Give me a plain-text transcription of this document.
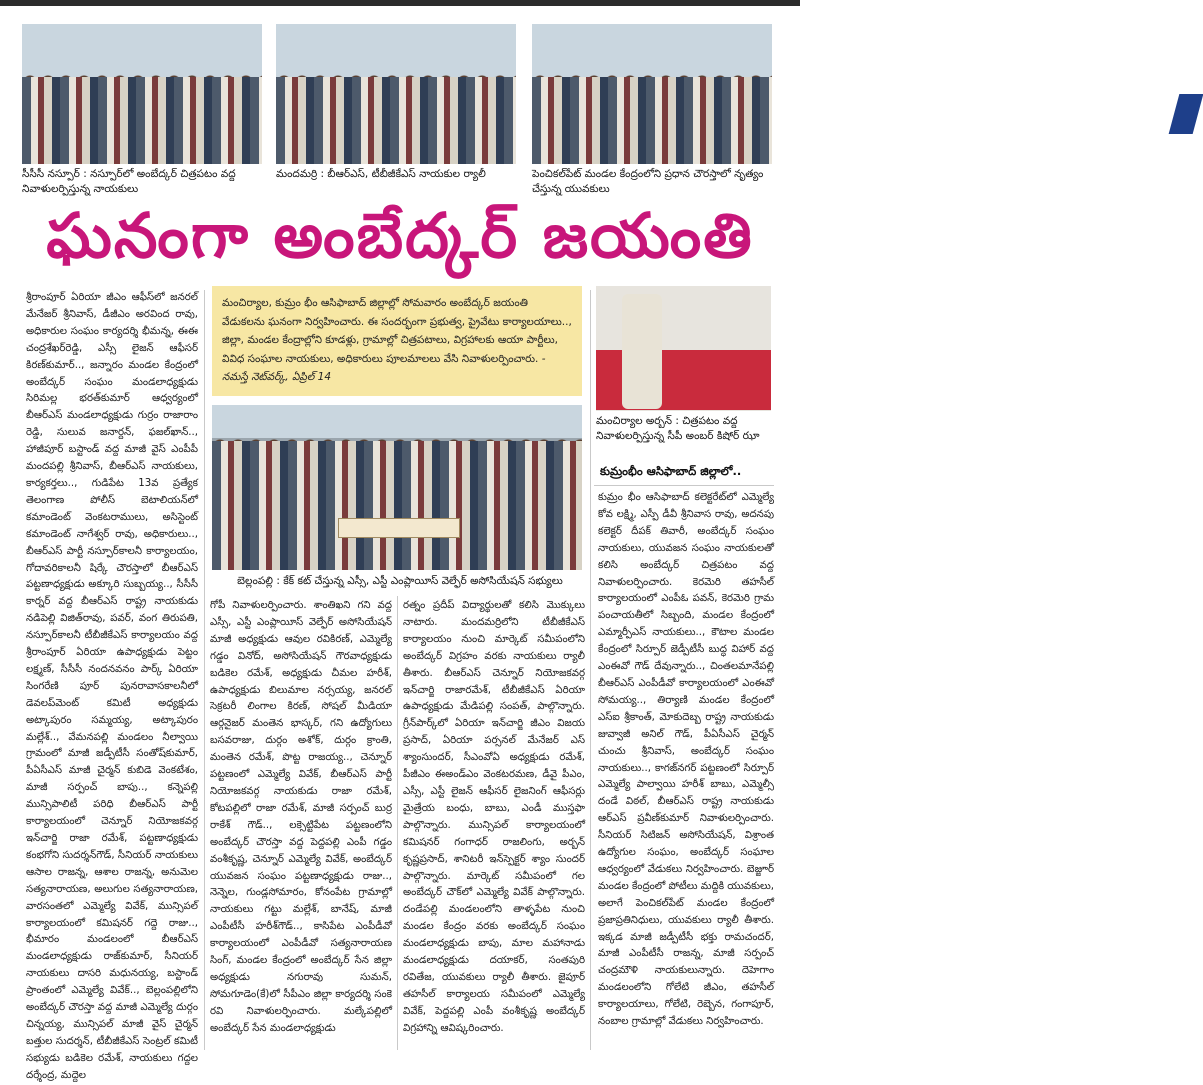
సీసీసీ నస్పూర్ : నస్పూర్‌లో అంబేద్కర్ చిత్రపటం వద్ద నివాళులర్పిస్తున్న నాయకులు
మందమర్రి : బీఆర్ఎస్, టీబీజీకేఎస్ నాయకుల ర్యాలీ	పెంచికల్‌పేట్ మండల కేంద్రంలోని ప్రధాన చౌరస్తాలో నృత్యం చేస్తున్న యువకులు
ఘనంగా అంబేద్కర్ జయంతి
మంచిర్యాల, కుమ్రం భీం ఆసిఫాబాద్ జిల్లాల్లో సోమవారం అంబేద్కర్ జయంతి వేడుకలను ఘనంగా నిర్వహించారు. ఈ సందర్భంగా ప్రభుత్వ, ప్రైవేటు కార్యాలయాలు.., జిల్లా, మండల కేంద్రాల్లోని కూడళ్లు, గ్రామాల్లో చిత్రపటాలు, విగ్రహాలకు ఆయా పార్టీలు, వివిధ సంఘాల నాయకులు, అధికారులు పూలమాలలు వేసి నివాళులర్పించారు. - నమస్తే నెట్‌వర్క్, ఏప్రిల్ 14
బెల్లంపల్లి : కేక్ కట్ చేస్తున్న ఎస్సీ, ఎస్టీ ఎంప్లాయీస్ వెల్ఫేర్ అసోసియేషన్ సభ్యులు
మంచిర్యాల అర్బన్ : చిత్రపటం వద్ద నివాళులర్పిస్తున్న సీపీ అంబర్ కిషోర్ ఝా
కుమ్రంభీం ఆసిఫాబాద్ జిల్లాలో..
శ్రీరాంపూర్ ఏరియా జీఎం ఆఫీస్‌లో జనరల్ మేనేజర్ శ్రీనివాస్, డీజీఎం అరవింద రావు, అధికారుల సంఘం కార్యదర్శి భీమన్న, ఈఈ చంద్రశేఖర్‌రెడ్డి, ఎస్సీ లైజన్ ఆఫీసర్ కిరణ్‌కుమార్.., జన్నారం మండల కేంద్రంలో అంబేద్కర్ సంఘం మండలాధ్యక్షుడు సిరిమల్ల భరత్‌కుమార్ ఆధ్వర్యంలో బీఆర్ఎస్ మండలాధ్యక్షుడు గుర్రం రాజారాం రెడ్డి, సులువ జనార్దన్, ఫజల్‌ఖాన్.., హాజీపూర్ బస్టాండ్ వద్ద మాజీ వైస్ ఎంపీపీ మందపల్లి శ్రీనివాస్, బీఆర్ఎస్ నాయకులు, కార్యకర్తలు.., గుడిపేట 13వ ప్రత్యేక తెలంగాణ పోలీస్ బెటాలియన్‌లో కమాండెంట్ వెంకటరాములు, అసిస్టెంట్ కమాండెంట్ నాగేశ్వర్ రావు, అధికారులు.., బీఆర్ఎస్ పార్టీ నస్పూర్‌కాలనీ కార్యాలయం, గోదావరికాలనీ షిర్కే చౌరస్తాలో బీఆర్ఎస్ పట్టణాధ్యక్షుడు అక్కూరి సుబ్బయ్య.., సీసీసీ కార్నర్ వద్ద బీఆర్ఎస్ రాష్ట్ర నాయకుడు నడిపెల్లి విజిత్‌రావు, పవర్, వంగ తిరుపతి, నస్పూర్‌కాలనీ టీబీజీకేఎస్ కార్యాలయం వద్ద శ్రీరాంపూర్ ఏరియా ఉపాధ్యక్షుడు పెట్టం లక్ష్మణ్, సీసీసీ నందనవనం పార్క్ ఏరియా సింగరేణి పూర్ పునరావాసకాలనీలో డెవలప్‌మెంట్ కమిటీ అధ్యక్షుడు అట్కాపురం సమ్మయ్య, అట్కాపురం మల్లేశ్.., వేమనపల్లి మండలం నీల్వాయి గ్రామంలో మాజీ జడ్పీటీసీ సంతోష్‌కుమార్, పీఏసీఎస్ మాజీ చైర్మన్ కుబిడె వెంకటేశం, మాజీ సర్పంచ్ బాపు.., కన్నెపల్లి మున్సిపాలిటీ పరిధి బీఆర్ఎస్ పార్టీ కార్యాలయంలో చెన్నూర్ నియోజకవర్గ ఇన్‌చార్జి రాజా రమేశ్, పట్టణాధ్యక్షుడు కంభగోని సుదర్శన్‌గౌడ్, సీనియర్ నాయకులు ఆసాల రాజన్న, ఆశాల రాజన్న, అనుమెల సత్యనారాయణ, అలుగుల సత్యనారాయణ, వారసంతలో ఎమ్మెల్యే వివేక్, మున్సిపల్ కార్యాలయంలో కమిషనర్ గద్దె రాజు.., భీమారం మండలంలో బీఆర్ఎస్ మండలాధ్యక్షుడు రాజ్‌కుమార్, సీనియర్ నాయకులు దాసరి మధునయ్య, బస్టాండ్ ప్రాంతంలో ఎమ్మెల్యే వివేక్.., బెల్లంపల్లిలోని అంబేద్కర్ చౌరస్తా వద్ద మాజీ ఎమ్మెల్యే దుర్గం చిన్నయ్య, మున్సిపల్ మాజీ వైస్ చైర్మన్ బత్తుల సుదర్శన్, టీబీజీకేఎస్ సెంట్రల్ కమిటీ సభ్యుడు బడికెల రమేశ్, నాయకులు గద్దల దర్శేంద్ర, మద్దెల
గోపీ నివాళులర్పించారు. శాంతిఖని గని వద్ద ఎస్సీ, ఎస్టీ ఎంప్లాయీస్ వెల్ఫేర్ అసోసియేషన్ మాజీ అధ్యక్షుడు ఆవుల రవికిరణ్, ఎమ్మెల్యే గడ్డం వినోద్, అసోసియేషన్ గౌరవాధ్యక్షుడు బడికెల రమేశ్, అధ్యక్షుడు చీమల హరీశ్, ఉపాధ్యక్షుడు బిలుమాల నర్సయ్య, జనరల్ సెక్రటరీ లింగాల కిరణ్, సోషల్ మీడియా ఆర్గనైజర్ మంతెన భాస్కర్, గని ఉద్యోగులు బసవరాజు, దుర్గం అశోక్, దుర్గం క్రాంతి, మంతెన రమేశ్, పొట్ట రాజయ్య.., చెన్నూర్ పట్టణంలో ఎమ్మెల్యే వివేక్, బీఆర్ఎస్ పార్టీ నియోజకవర్గ నాయకుడు రాజా రమేశ్, కోటపల్లిలో రాజా రమేశ్, మాజీ సర్పంచ్ బుర్ర రాకేశ్ గౌడ్.., లక్సెట్టిపేట పట్టణంలోని అంబేద్కర్ చౌరస్తా వద్ద పెద్దపల్లి ఎంపీ గడ్డం వంశీకృష్ణ, చెన్నూర్ ఎమ్మెల్యే వివేక్, అంబేద్కర్ యువజన సంఘం పట్టణాధ్యక్షుడు రాజు.., నెన్నెల, గుండ్లసోమారం, కోనంపేట గ్రామాల్లో నాయకులు గట్టు మల్లేశ్, బానేష్, మాజీ ఎంపీటీసీ హరీశ్‌గౌడ్.., కాసిపేట ఎంపీడీవో కార్యాలయంలో ఎంపీడీవో సత్యనారాయణ సింగ్, మండల కేంద్రంలో అంబేద్కర్ సేన జిల్లా అధ్యక్షుడు నగురావు సుమన్, సోమగూడెం(కే)లో సీపీఎం జిల్లా కార్యదర్శి సంకె రవి నివాళులర్పించారు. మల్కేపల్లిలో అంబేద్కర్ సేన మండలాధ్యక్షుడు
రత్నం ప్రదీప్ విద్యార్థులతో కలిసి మొక్కులు నాటారు. మందమర్రిలోని టీబీజీకేఎస్ కార్యాలయం నుంచి మార్కెట్ సమీపంలోని అంబేద్కర్ విగ్రహం వరకు నాయకులు ర్యాలీ తీశారు. బీఆర్ఎస్ చెన్నూర్ నియోజకవర్గ ఇన్‌చార్జి రాజారమేశ్, టీబీజీకేఎస్ ఏరియా ఉపాధ్యక్షుడు మేడిపల్లి సంపత్, పాల్గొన్నారు. గ్రీన్‌పార్క్‌లో ఏరియా ఇన్‌చార్జి జీఎం విజయ ప్రసాద్, ఏరియా పర్సనల్ మేనేజర్ ఎస్ శ్యాంసుందర్, సీఎంవోఏ అధ్యక్షుడు రమేశ్, పీజీఎం ఈఅండ్‌ఎం వెంకటరమణ, డీవై పీఎం, ఎస్సీ, ఎస్టీ లైజన్ ఆఫీసర్ లైజనింగ్ ఆఫీసర్లు మైత్రేయ బంధు, బాబు, ఎండీ ముస్తఫా పాల్గొన్నారు. మున్సిపల్ కార్యాలయంలో కమిషనర్ గంగాధర్ రాజలింగు, అర్బన్ కృష్ణప్రసాద్, శానిటరీ ఇన్‌స్పెక్టర్ శ్యాం సుందర్ పాల్గొన్నారు. మార్కెట్ సమీపంలో గల అంబేద్కర్ చౌక్‌లో ఎమ్మెల్యే వివేక్ పాల్గొన్నారు. దండేపల్లి మండలంలోని తాళ్ళపేట నుంచి మండల కేంద్రం వరకు అంబేద్కర్ సంఘం మండలాధ్యక్షుడు బాపు, మాల మహానాడు మండలాధ్యక్షుడు దయాకర్, సంతపురి రవితేజ, యువకులు ర్యాలీ తీశారు. జైపూర్ తహసీల్ కార్యాలయ సమీపంలో ఎమ్మెల్యే వివేక్, పెద్దపల్లి ఎంపీ వంశీకృష్ణ అంబేద్కర్ విగ్రహాన్ని ఆవిష్కరించారు.
కుమ్రం భీం ఆసిఫాబాద్ కలెక్టరేట్‌లో ఎమ్మెల్యే కోవ లక్ష్మి, ఎస్పీ డీవీ శ్రీనివాస రావు, అదనపు కలెక్టర్ దీపక్ తివారీ, అంబేద్కర్ సంఘం నాయకులు, యువజన సంఘం నాయకులతో కలిసి అంబేద్కర్ చిత్రపటం వద్ద నివాళులర్పించారు. కెరమెరి తహసీల్ కార్యాలయంలో ఎంపీఓ పవన్, కెరమెరి గ్రామ పంచాయతీలో సిబ్బంది, మండల కేంద్రంలో ఎమ్మార్పీఎస్ నాయకులు.., కౌటాల మండల కేంద్రంలో సిర్పూర్ జెడ్పీటీసీ బుద్ధ విహార్ వద్ద ఎంఈవో గౌడ్ దేవున్నారు.., చింతలమానేపల్లి బీఆర్ఎస్ ఎంపీడీవో కార్యాలయంలో ఎంఈవో సోమయ్య.., తిర్యాణి మండల కేంద్రంలో ఎస్‌ఐ శ్రీకాంత్, మోకుదెబ్బ రాష్ట్ర నాయకుడు జువ్వాజీ అనిల్ గౌడ్, పీఏసీఎస్ చైర్మన్ చుంచు శ్రీనివాస్, అంబేద్కర్ సంఘం నాయకులు.., కాగజ్‌నగర్ పట్టణంలో సిర్పూర్ ఎమ్మెల్యే పాల్వాయి హరీశ్ బాబు, ఎమ్మెల్సీ దండే విఠల్, బీఆర్ఎస్ రాష్ట్ర నాయకుడు ఆర్ఎస్ ప్రవీణ్‌కుమార్ నివాళులర్పించారు. సీనియర్ సిటిజన్ అసోసియేషన్, విశ్రాంత ఉద్యోగుల సంఘం, అంబేద్కర్ సంఘాల ఆధ్వర్యంలో వేడుకలు నిర్వహించారు. బెజ్జూర్ మండల కేంద్రంలో పోటీలు మద్దికి యువకులు, అలాగే పెంచికల్‌పేట్ మండల కేంద్రంలో ప్రజాప్రతినిధులు, యువకులు ర్యాలీ తీశారు. ఇక్కడ మాజీ జడ్పీటీసీ భక్తు రామచందర్, మాజీ ఎంపీటీసీ రాజన్న, మాజీ సర్పంచ్ చంద్రమౌళి నాయకులున్నారు. దెహెగాం మండలంలోని గోలేటి జీఎం, తహసీల్ కార్యాలయాలు, గోలేటి, రెబ్బెన, గంగాపూర్, నంబాల గ్రామాల్లో వేడుకలు నిర్వహించారు.
